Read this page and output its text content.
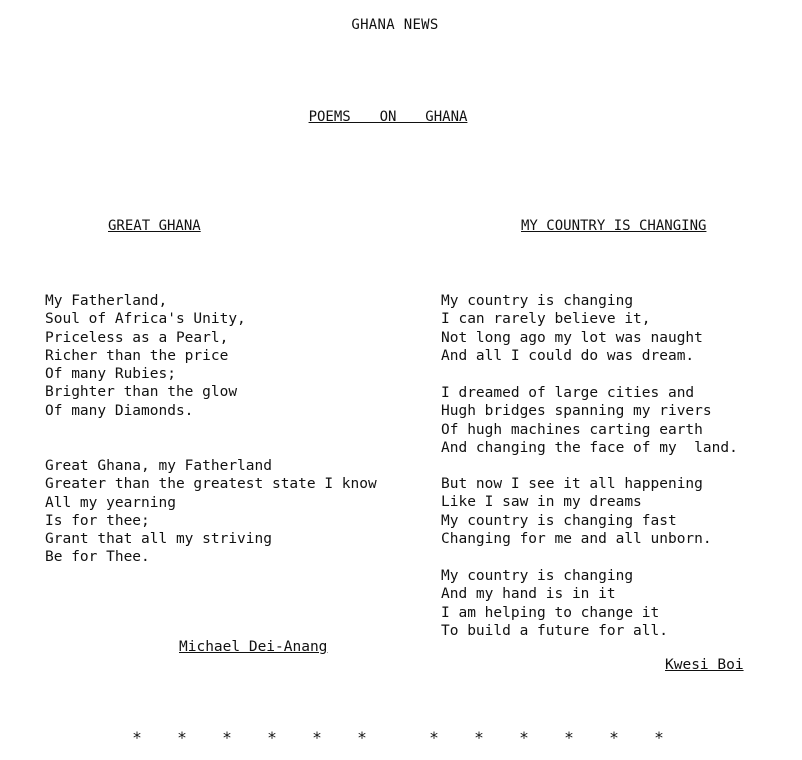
GHANA NEWS
POEMS  ON  GHANA
GREAT GHANA	MY COUNTRY IS CHANGING
My Fatherland,
Soul of Africa's Unity,
Priceless as a Pearl,
Richer than the price
Of many Rubies;
Brighter than the glow
Of many Diamonds.
Great Ghana, my Fatherland
Greater than the greatest state I know
All my yearning
Is for thee;
Grant that all my striving
Be for Thee.
My country is changing
I can rarely believe it,
Not long ago my lot was naught
And all I could do was dream.
I dreamed of large cities and
Hugh bridges spanning my rivers
Of hugh machines carting earth
And changing the face of my  land.
But now I see it all happening
Like I saw in my dreams
My country is changing fast
Changing for me and all unborn.
My country is changing
And my hand is in it
I am helping to change it
To build a future for all.
Michael Dei-Anang
Kwesi Boi
* * * * * *	* * * * * *
